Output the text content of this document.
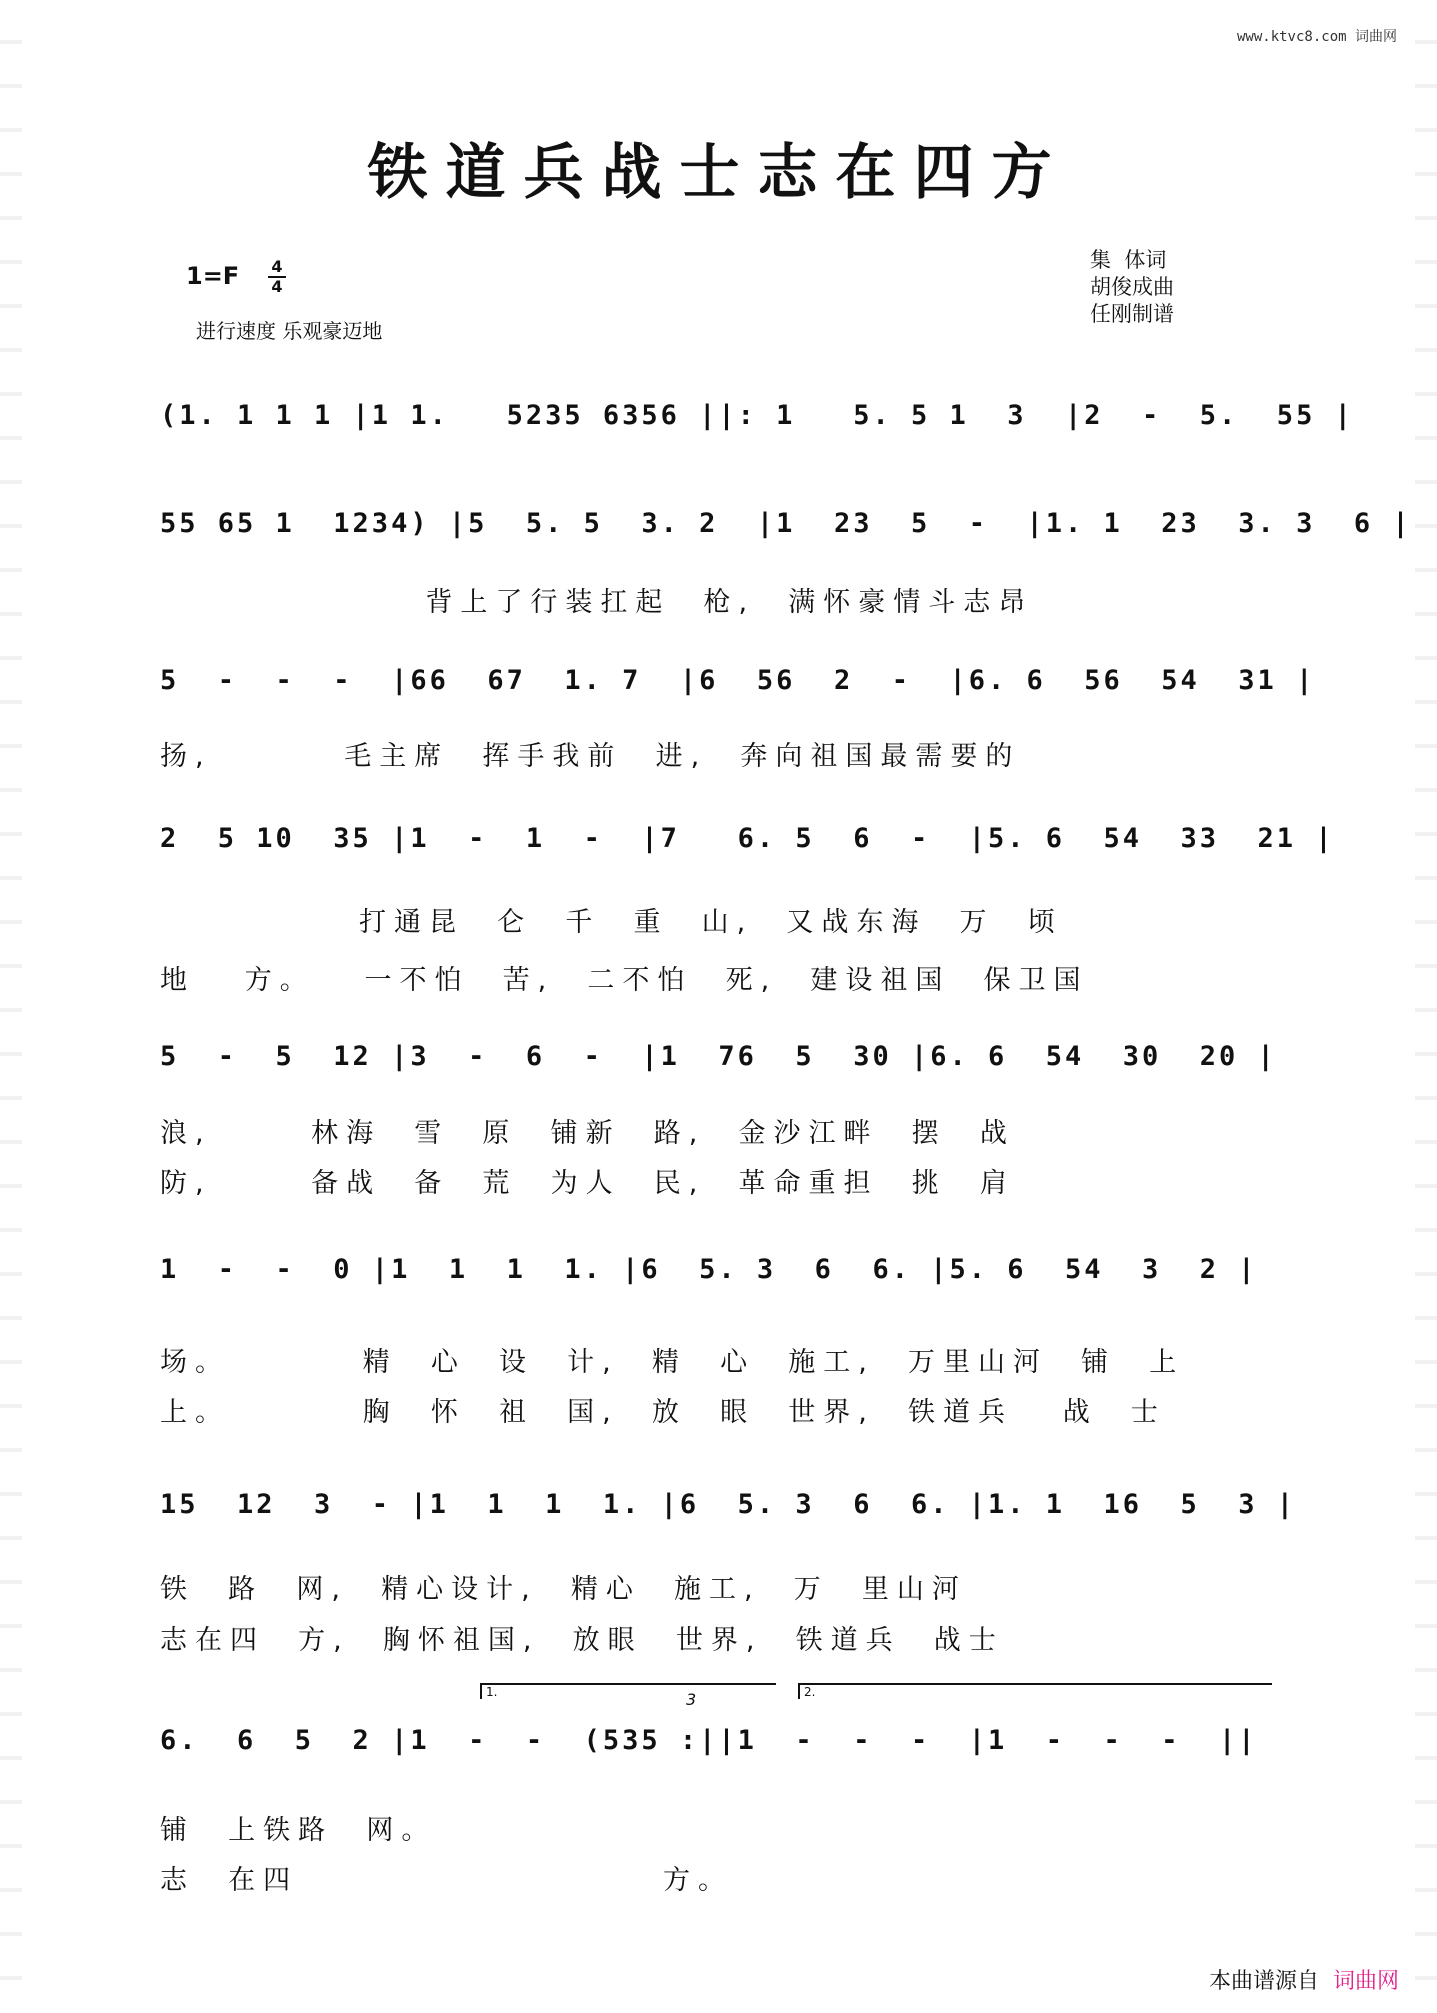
www.ktvc8.com 词曲网
铁道兵战士志在四方
1=F 4
4
进行速度 乐观豪迈地
集  体词
胡俊成曲
任刚制谱
(1. 1 1 1 |1 1.   5235 6356 ||: 1   5. 5 1  3  |2  -  5.  55 |
55 65 1  1234) |5  5. 5  3. 2  |1  23  5  -  |1. 1  23  3. 3  6 |
背上了行装扛起  枪,  满怀豪情斗志昂
5  -  -  -  |66  67  1. 7  |6  56  2  -  |6. 6  56  54  31 |
扬,        毛主席  挥手我前  进,  奔向祖国最需要的
2  5 10  35 |1  -  1  -  |7   6. 5  6  -  |5. 6  54  33  21 |
打通昆  仑  千  重  山,  又战东海  万  顷
地   方。   一不怕  苦,  二不怕  死,  建设祖国  保卫国
5  -  5  12 |3  -  6  -  |1  76  5  30 |6. 6  54  30  20 |
浪,      林海  雪  原  铺新  路,  金沙江畔  摆  战
防,      备战  备  荒  为人  民,  革命重担  挑  肩
1  -  -  0 |1  1  1  1. |6  5. 3  6  6. |5. 6  54  3  2 |
场。        精  心  设  计,  精  心  施工,  万里山河  铺  上
上。        胸  怀  祖  国,  放  眼  世界,  铁道兵   战  士
15  12  3  - |1  1  1  1. |6  5. 3  6  6. |1. 1  16  5  3 |
铁  路  网,  精心设计,  精心  施工,  万  里山河
志在四  方,  胸怀祖国,  放眼  世界,  铁道兵  战士
1.	2.
3
6.  6  5  2 |1  -  -  (535 :||1  -  -  -  |1  -  -  -  ||
铺  上铁路  网。
志  在四                      方。
本曲谱源自 词曲网
